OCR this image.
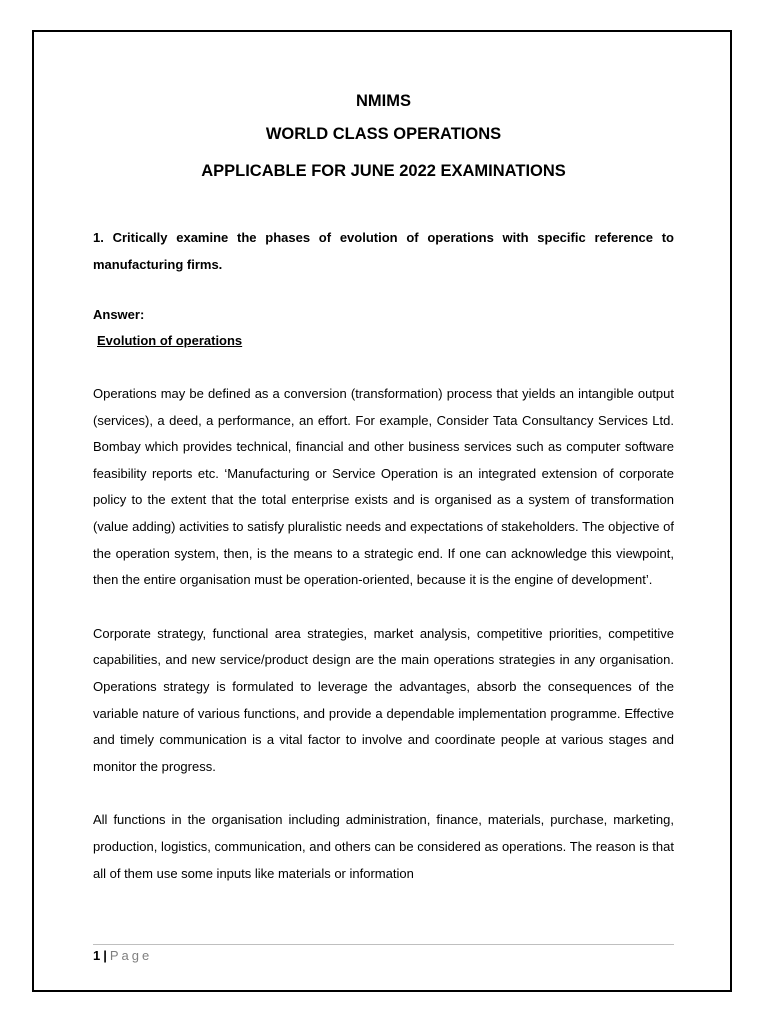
NMIMS
WORLD CLASS OPERATIONS
APPLICABLE FOR JUNE 2022 EXAMINATIONS

1. Critically examine the phases of evolution of operations with specific reference to manufacturing firms.

Answer:

Evolution of operations

Operations may be defined as a conversion (transformation) process that yields an intangible output (services), a deed, a performance, an effort. For example, Consider Tata Consultancy Services Ltd. Bombay which provides technical, financial and other business services such as computer software feasibility reports etc. ‘Manufacturing or Service Operation is an integrated extension of corporate policy to the extent that the total enterprise exists and is organised as a system of transformation (value adding) activities to satisfy pluralistic needs and expectations of stakeholders. The objective of the operation system, then, is the means to a strategic end. If one can acknowledge this viewpoint, then the entire organisation must be operation-oriented, because it is the engine of development’.

Corporate strategy, functional area strategies, market analysis, competitive priorities, competitive capabilities, and new service/product design are the main operations strategies in any organisation. Operations strategy is formulated to leverage the advantages, absorb the consequences of the variable nature of various functions, and provide a dependable implementation programme. Effective and timely communication is a vital factor to involve and coordinate people at various stages and monitor the progress.

All functions in the organisation including administration, finance, materials, purchase, marketing, production, logistics, communication, and others can be considered as operations. The reason is that all of them use some inputs like materials or information

1 | Page
